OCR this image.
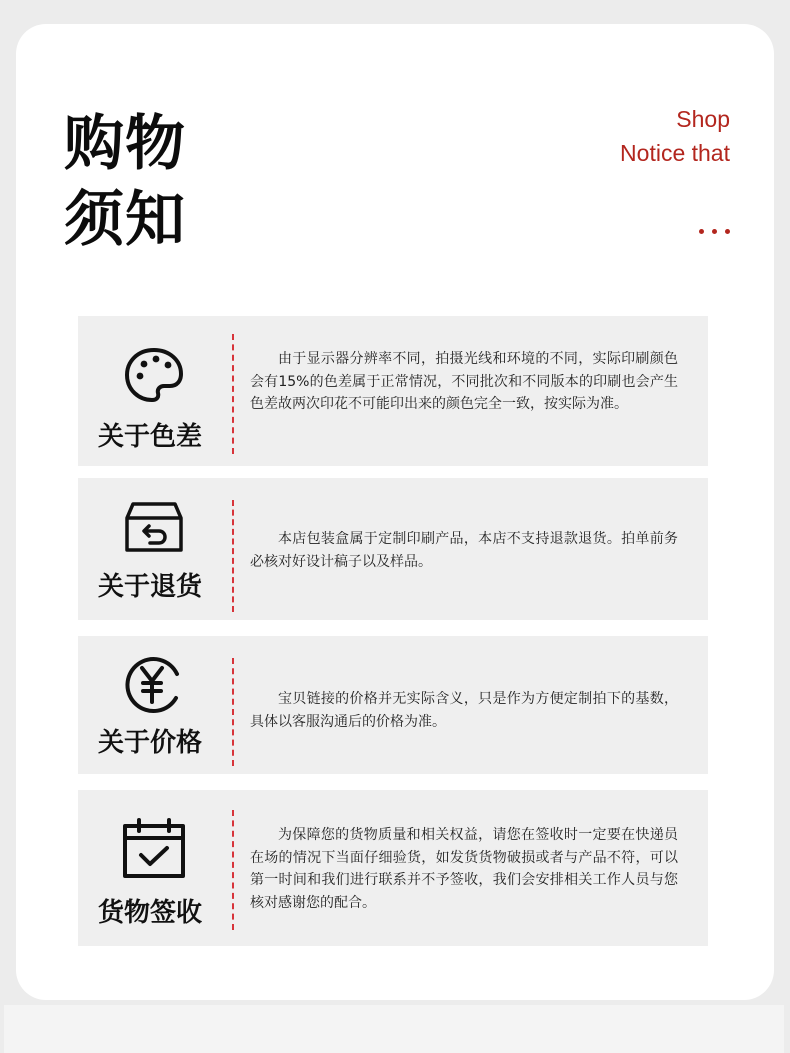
购物
须知
Shop
Notice that
关于色差
由于显示器分辨率不同，拍摄光线和环境的不同，实际印刷颜色会有15%的色差属于正常情况，不同批次和不同版本的印刷也会产生色差故两次印花不可能印出来的颜色完全一致，按实际为准。
关于退货
本店包装盒属于定制印刷产品，本店不支持退款退货。拍单前务必核对好设计稿子以及样品。
关于价格
宝贝链接的价格并无实际含义，只是作为方便定制拍下的基数，具体以客服沟通后的价格为准。
货物签收
为保障您的货物质量和相关权益，请您在签收时一定要在快递员在场的情况下当面仔细验货，如发货货物破损或者与产品不符，可以第一时间和我们进行联系并不予签收，我们会安排相关工作人员与您核对感谢您的配合。
